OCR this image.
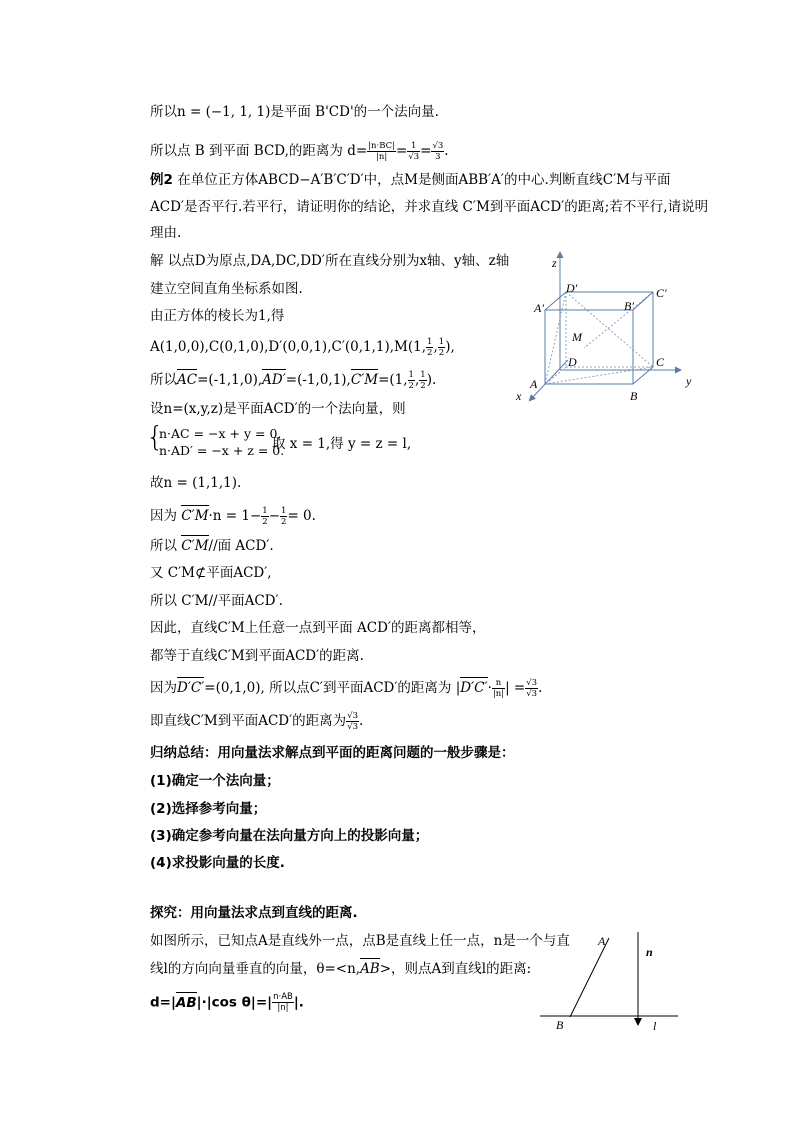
所以n = (−1, 1, 1)是平面 B'CD'的一个法向量.
所以点 B 到平面 BCD,的距离为 $d= \frac{|n\cdot BC|}{|n|} = \frac{1}{√3} = \frac{√3}{3}$ .
例2 在单位正方体ABCD−A′B′C′D′中，点M是侧面ABB′A′的中心.判断直线C′M与平面
ACD′是否平行.若平行，请证明你的结论，并求直线 C′M到平面ACD′的距离;若不平行,请说明
理由.
解 以点D为原点,DA,DC,DD′所在直线分别为x轴、y轴、z轴
建立空间直角坐标系如图.
由正方体的棱长为1,得
A(1,0,0),C(0,1,0),D′(0,0,1),C′(0,1,1),M(1, $\frac{1}{2}$ , $\frac{1}{2}$ ),
所以AC=(-1,1,0),AD′=(-1,0,1),C′M=(1, $\frac{1}{2}$ , $\frac{1}{2}$ ).
设n=(x,y,z)是平面ACD′的一个法向量，则
{
n·AC = −x + y = 0,
n·AD′ = −x + z = 0.
取 x = 1,得 y = z = l,
故n = (1,1,1).
因为 $C'M\cdot n = 1- \frac{1}{2} - \frac{1}{2} = 0$.
所以 C′M//面 ACD′.
又 C′M⊄平面ACD′,
所以 C′M//平面ACD′.
因此，直线C′M上任意一点到平面 ACD′的距离都相等，
都等于直线C′M到平面ACD′的距离.
因为D′C′=(0,1,0), 所以点C′到平面ACD′的距离为 $|D'C'\cdot \frac{n}{|n|}$ | = $\frac{√3}{√3}$ .
即直线C′M到平面ACD′的距离为 $\frac{√3}{√3}$ .
归纳总结：用向量法求解点到平面的距离问题的一般步骤是：
(1)确定一个法向量；
(2)选择参考向量；
(3)确定参考向量在法向量方向上的投影向量；
(4)求投影向量的长度.
探究：用向量法求点到直线的距离.
如图所示，已知点A是直线外一点，点B是直线上任一点，n是一个与直
线l的方向向量垂直的向量，θ=<n,AB>，则点A到直线l的距离:
d=|AB|·|cos $\theta|=| \frac{n\cdot AB}{|n|}$ |.
z
y
x
A′
D′
B′
C′
M
D	C
A
B
A
n
B	l
